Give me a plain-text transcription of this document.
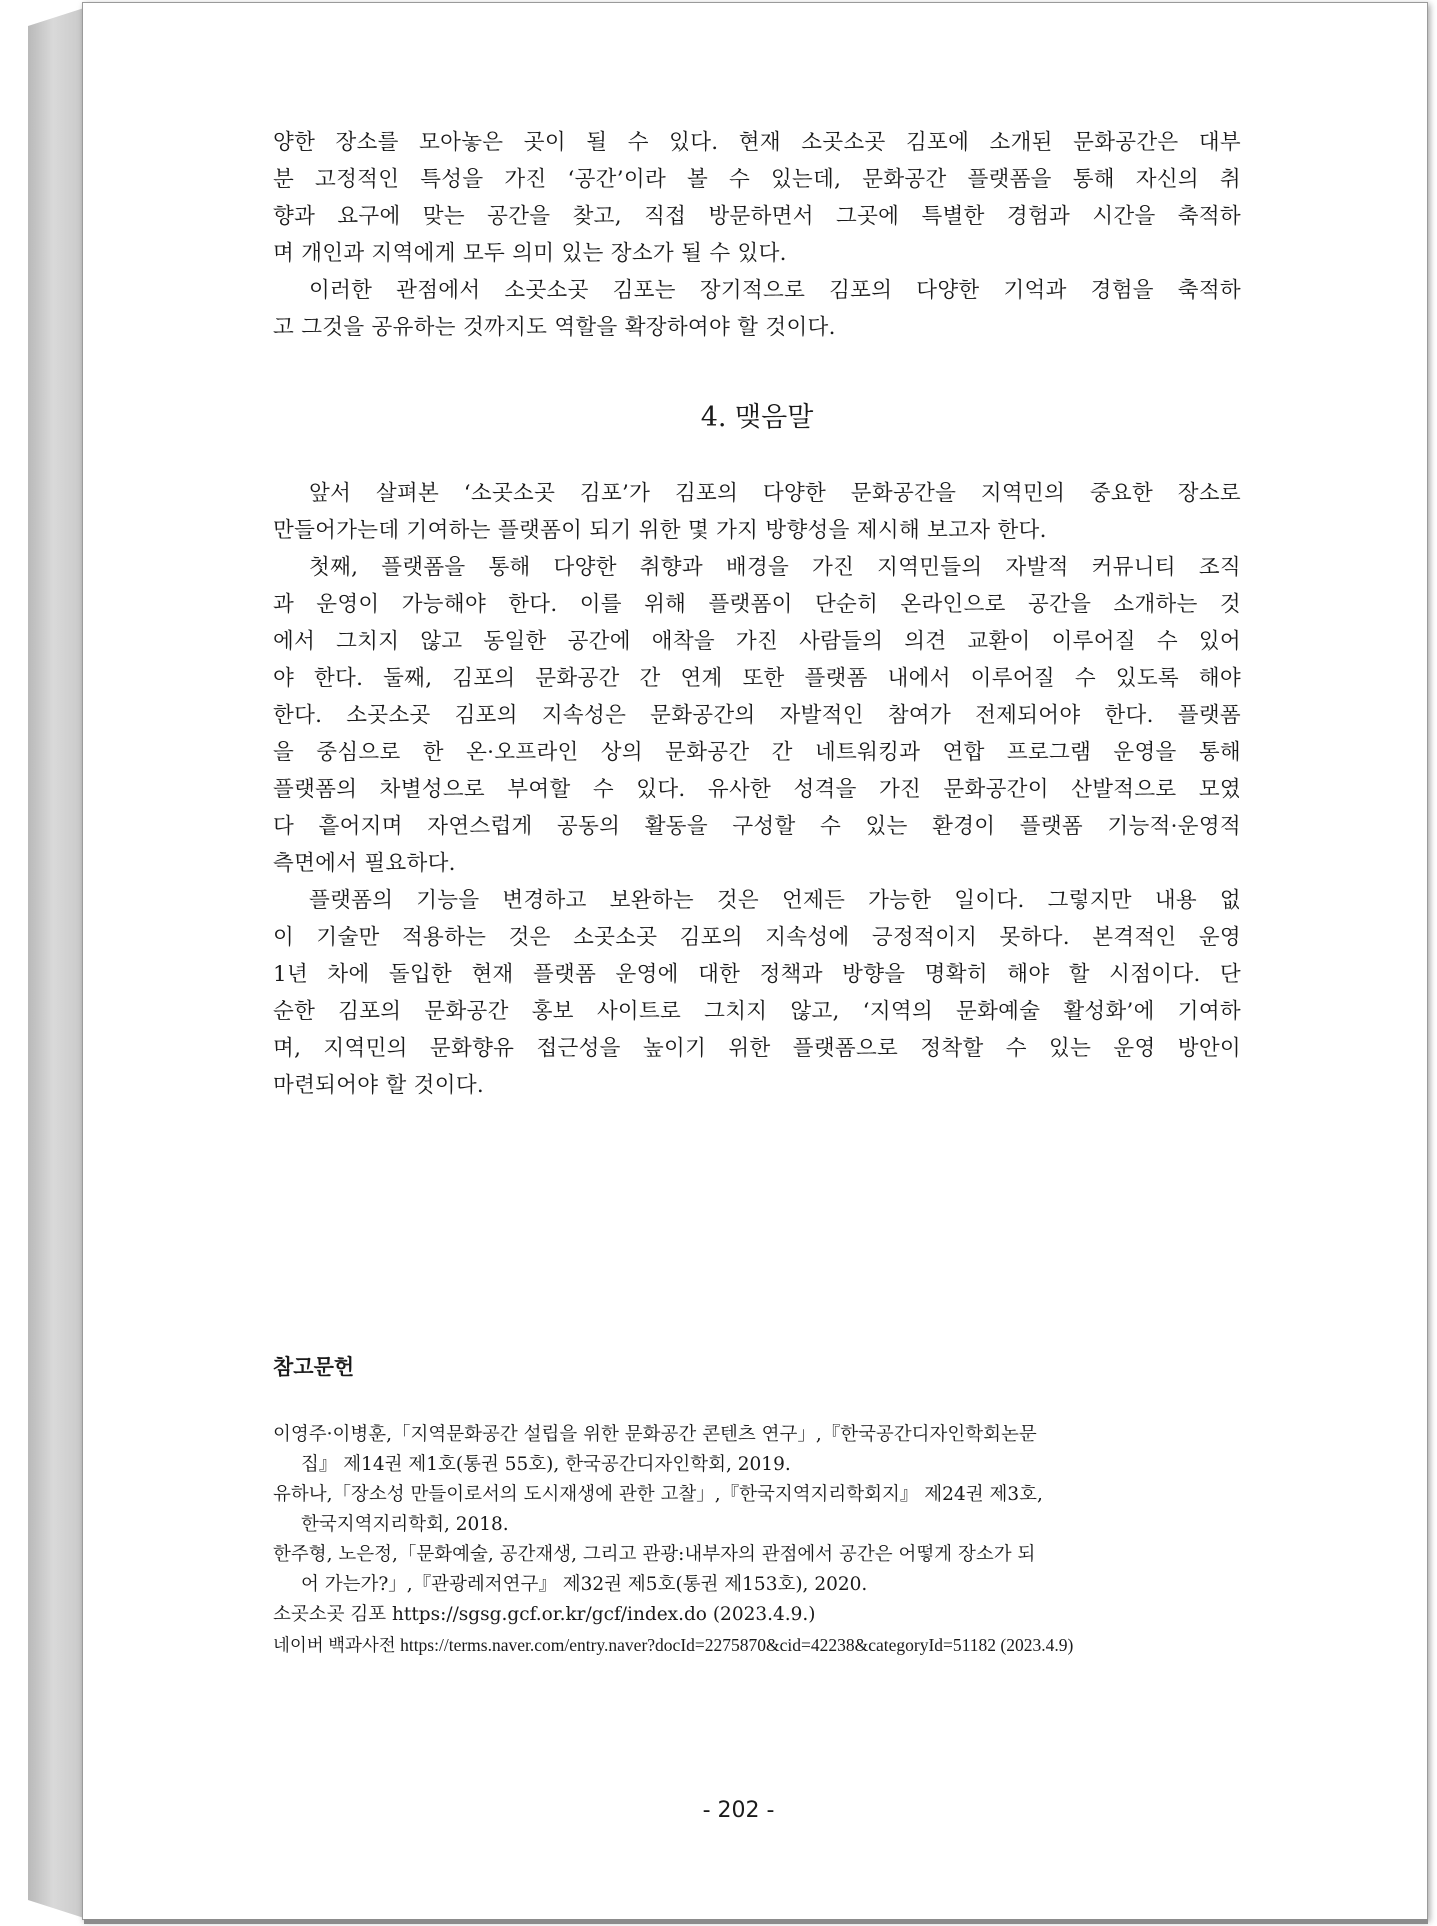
양한 장소를 모아놓은 곳이 될 수 있다. 현재 소곳소곳 김포에 소개된 문화공간은 대부
분 고정적인 특성을 가진 ‘공간’이라 볼 수 있는데, 문화공간 플랫폼을 통해 자신의 취
향과 요구에 맞는 공간을 찾고, 직접 방문하면서 그곳에 특별한 경험과 시간을 축적하
며 개인과 지역에게 모두 의미 있는 장소가 될 수 있다.

이러한 관점에서 소곳소곳 김포는 장기적으로 김포의 다양한 기억과 경험을 축적하
고 그것을 공유하는 것까지도 역할을 확장하여야 할 것이다.

4. 맺음말

앞서 살펴본 ‘소곳소곳 김포’가 김포의 다양한 문화공간을 지역민의 중요한 장소로
만들어가는데 기여하는 플랫폼이 되기 위한 몇 가지 방향성을 제시해 보고자 한다.

첫째, 플랫폼을 통해 다양한 취향과 배경을 가진 지역민들의 자발적 커뮤니티 조직
과 운영이 가능해야 한다. 이를 위해 플랫폼이 단순히 온라인으로 공간을 소개하는 것
에서 그치지 않고 동일한 공간에 애착을 가진 사람들의 의견 교환이 이루어질 수 있어
야 한다. 둘째, 김포의 문화공간 간 연계 또한 플랫폼 내에서 이루어질 수 있도록 해야
한다. 소곳소곳 김포의 지속성은 문화공간의 자발적인 참여가 전제되어야 한다. 플랫폼
을 중심으로 한 온·오프라인 상의 문화공간 간 네트워킹과 연합 프로그램 운영을 통해
플랫폼의 차별성으로 부여할 수 있다. 유사한 성격을 가진 문화공간이 산발적으로 모였
다 흩어지며 자연스럽게 공동의 활동을 구성할 수 있는 환경이 플랫폼 기능적·운영적
측면에서 필요하다.

플랫폼의 기능을 변경하고 보완하는 것은 언제든 가능한 일이다. 그렇지만 내용 없
이 기술만 적용하는 것은 소곳소곳 김포의 지속성에 긍정적이지 못하다. 본격적인 운영
1년 차에 돌입한 현재 플랫폼 운영에 대한 정책과 방향을 명확히 해야 할 시점이다. 단
순한 김포의 문화공간 홍보 사이트로 그치지 않고, ‘지역의 문화예술 활성화’에 기여하
며, 지역민의 문화향유 접근성을 높이기 위한 플랫폼으로 정착할 수 있는 운영 방안이
마련되어야 할 것이다.

참고문헌
이영주·이병훈,「지역문화공간 설립을 위한 문화공간 콘텐츠 연구」,『한국공간디자인학회논문
집』 제14권 제1호(통권 55호), 한국공간디자인학회, 2019.
유하나,「장소성 만들이로서의 도시재생에 관한 고찰」,『한국지역지리학회지』 제24권 제3호,
한국지역지리학회, 2018.
한주형, 노은정,「문화예술, 공간재생, 그리고 관광:내부자의 관점에서 공간은 어떻게 장소가 되
어 가는가?」,『관광레저연구』 제32권 제5호(통권 제153호), 2020.
소곳소곳 김포 https://sgsg.gcf.or.kr/gcf/index.do (2023.4.9.)
네이버 백과사전 https://terms.naver.com/entry.naver?docId=2275870&cid=42238&categoryId=51182 (2023.4.9)
- 202 -
